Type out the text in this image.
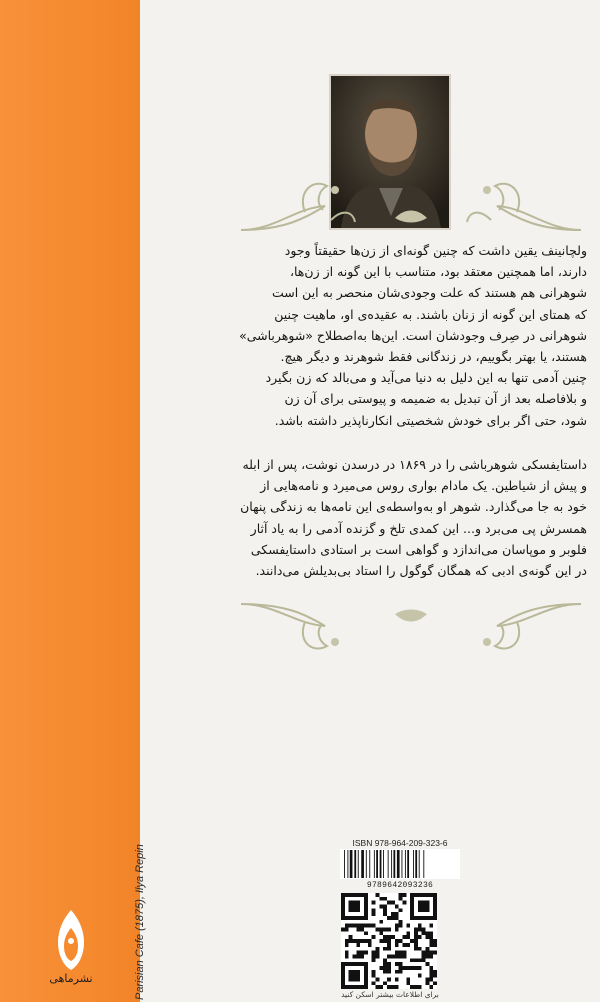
Parisian Cafe (1875), Ilya Repin
نشرماهی
ولچانینف یقین داشت که چنین گونه‌ای از زن‌ها حقیقتاً وجود
دارند، اما همچنین معتقد بود، متناسب با این گونه از زن‌ها،
شوهرانی هم هستند که علت وجودی‌شان منحصر به این است
که همتای این گونه از زنان باشند. به عقیده‌ی او، ماهیت چنین
شوهرانی در صِرف وجودشان است. این‌ها به‌اصطلاح «شوهرباشی»
هستند، یا بهتر بگوییم، در زندگانی فقط شوهرند و دیگر هیچ.
چنین آدمی تنها به این دلیل به دنیا می‌آید و می‌بالد که زن بگیرد
و بلافاصله بعد از آن تبدیل به ضمیمه و پیوستی برای آن زن
شود، حتی اگر برای خودش شخصیتی انکارناپذیر داشته باشد.
داستایفسکی شوهرباشی را در ۱۸۶۹ در درسدن نوشت، پس از ابله
و پیش از شیاطین. یک مادام بواری روس می‌میرد و نامه‌هایی از
خود به جا می‌گذارد. شوهر او به‌واسطه‌ی این نامه‌ها به زندگی پنهان
همسرش پی می‌برد و... این کمدی تلخ و گزنده آدمی را به یاد آثار
فلوبر و موپاسان می‌اندازد و گواهی است بر استادی داستایفسکی
در این گونه‌ی ادبی که همگان گوگول را استاد بی‌بدیلش می‌دانند.
ISBN 978-964-209-323-6
9789642093236
برای اطلاعات بیشتر اسکن کنید
